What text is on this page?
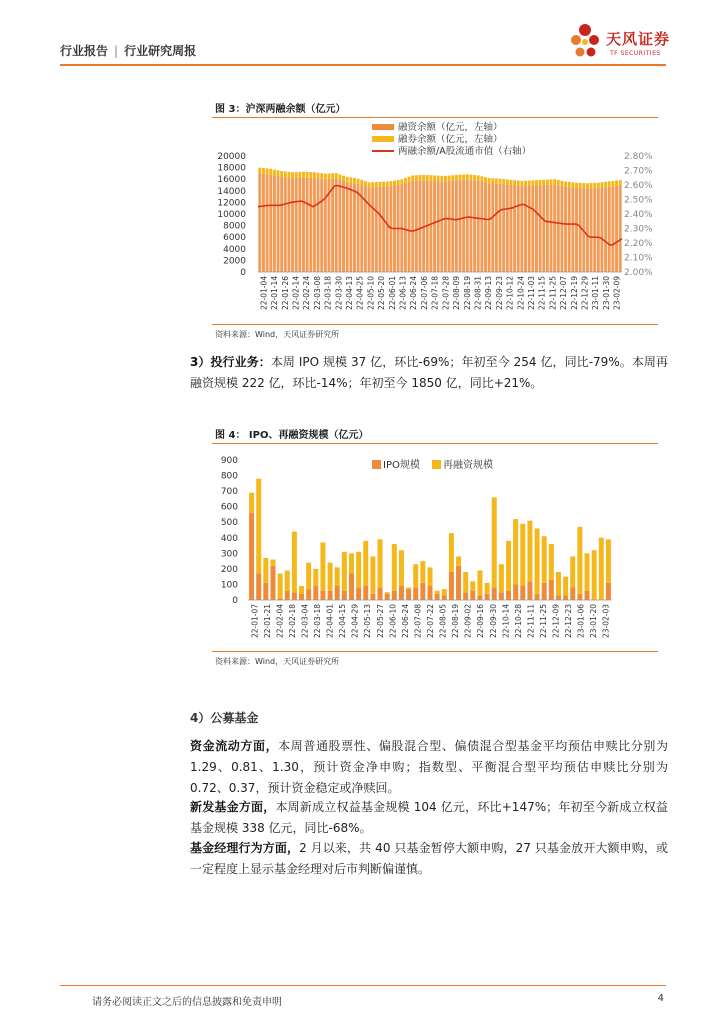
行业报告 | 行业研究周报
天风证券
TF SECURITIES
图 3：沪深两融余额（亿元）
融资余额（亿元，左轴）
融券余额（亿元，左轴）
两融余额/A股流通市值（右轴）
20000
18000
16000
14000
12000
10000
8000
6000
4000
2000
0
2.80%
2.70%
2.60%
2.50%
2.40%
2.30%
2.20%
2.10%
2.00%
22-01-04 22-01-14 22-01-26 22-02-14 22-02-24 22-03-08 22-03-18 22-03-30 22-04-13 22-04-25 22-05-10 22-05-20 22-06-01 22-06-13 22-06-24 22-07-06 22-07-18 22-07-28 22-08-09 22-08-19 22-08-31 22-09-13 22-09-23 22-10-12 22-10-24 22-11-03 22-11-15 22-11-25 22-12-07 22-12-19 22-12-29 23-01-11 23-01-30 23-02-09
资料来源：Wind，天风证券研究所
3）投行业务：本周 IPO 规模 37 亿，环比-69%；年初至今 254 亿，同比-79%。本周再融资规模 222 亿，环比-14%；年初至今 1850 亿，同比+21%。
图 4： IPO、再融资规模（亿元）
IPO规模 再融资规模
900
800
700
600
500
400
300
200
100
0
22-01-07 22-01-21 22-02-04 22-02-18 22-03-04 22-03-18 22-04-01 22-04-15 22-04-29 22-05-13 22-05-27 22-06-10 22-06-24 22-07-08 22-07-22 22-08-05 22-08-19 22-09-02 22-09-16 22-09-30 22-10-14 22-10-28 22-11-11 22-11-25 22-12-09 22-12-23 23-01-06 23-01-20 23-02-03
资料来源：Wind，天风证券研究所
4）公募基金
资金流动方面，本周普通股票性、偏股混合型、偏债混合型基金平均预估申赎比分别为 1.29、0.81、1.30，预计资金净申购；指数型、平衡混合型平均预估申赎比分别为 0.72、0.37，预计资金稳定或净赎回。
新发基金方面，本周新成立权益基金规模 104 亿元，环比+147%；年初至今新成立权益基金规模 338 亿元，同比-68%。
基金经理行为方面，2 月以来，共 40 只基金暂停大额申购，27 只基金放开大额申购，或一定程度上显示基金经理对后市判断偏谨慎。
请务必阅读正文之后的信息披露和免责申明	4
